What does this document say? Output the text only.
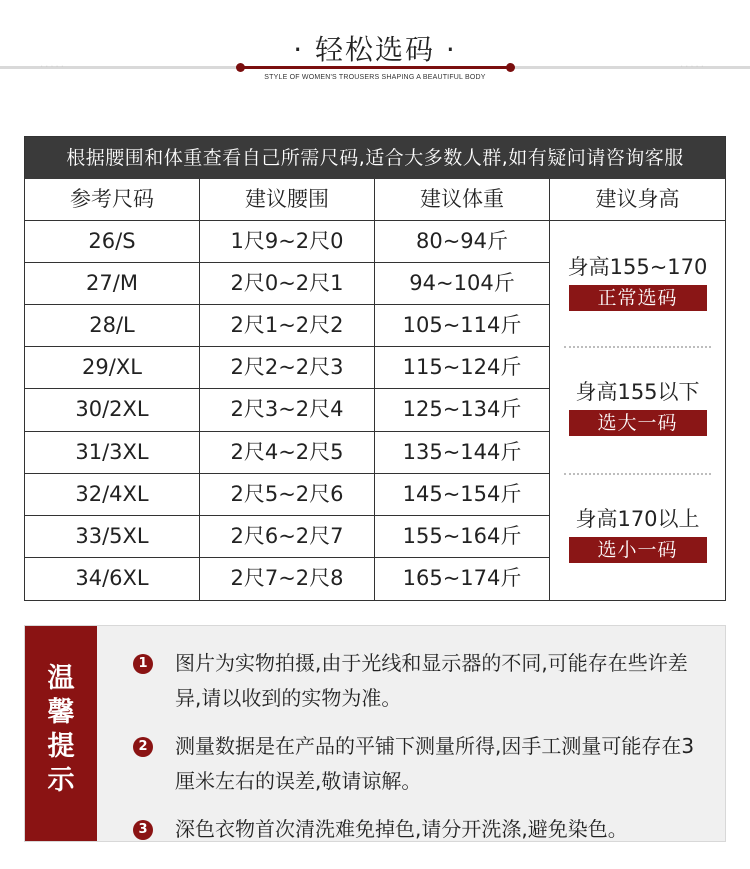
·····	·····
· 轻松选码 ·
STYLE OF WOMEN'S TROUSERS SHAPING A BEAUTIFUL BODY
根据腰围和体重查看自己所需尺码,适合大多数人群,如有疑问请咨询客服
参考尺码	建议腰围	建议体重	建议身高
身高155~170
正常选码
身高155以下
选大一码
身高170以上
选小一码
26/S	1尺9~2尺0	80~94斤
27/M	2尺0~2尺1	94~104斤
28/L	2尺1~2尺2	105~114斤
29/XL	2尺2~2尺3	115~124斤
30/2XL	2尺3~2尺4	125~134斤
31/3XL	2尺4~2尺5	135~144斤
32/4XL	2尺5~2尺6	145~154斤
33/5XL	2尺6~2尺7	155~164斤
34/6XL	2尺7~2尺8	165~174斤
温
馨
提
示
1 图片为实物拍摄,由于光线和显示器的不同,可能存在些许差异,请以收到的实物为准。
2 测量数据是在产品的平铺下测量所得,因手工测量可能存在3厘米左右的误差,敬请谅解。
3 深色衣物首次清洗难免掉色,请分开洗涤,避免染色。
